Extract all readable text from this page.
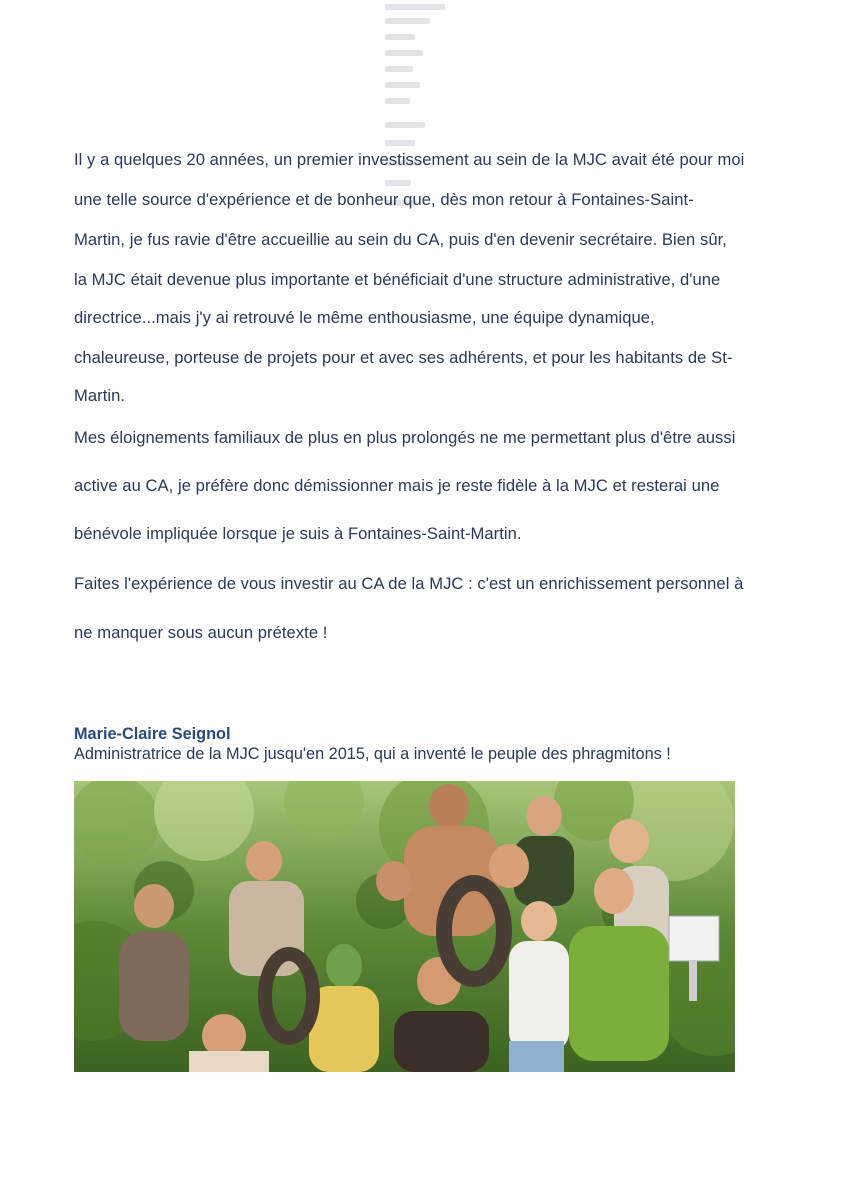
Il y a quelques 20 années, un premier investissement au sein de la MJC avait été pour moi
une telle source d'expérience et de bonheur que, dès mon retour à Fontaines-Saint-
Martin, je fus ravie d'être accueillie au sein du CA, puis d'en devenir secrétaire. Bien sûr,
la MJC était devenue plus importante et bénéficiait d'une structure administrative, d'une
directrice...mais j'y ai retrouvé le même enthousiasme, une équipe dynamique,
chaleureuse, porteuse de projets pour et avec ses adhérents, et pour les habitants de St-
Martin.
Mes éloignements familiaux de plus en plus prolongés ne me permettant plus d'être aussi
active au CA, je préfère donc démissionner mais je reste fidèle à la MJC et resterai une
bénévole impliquée lorsque je suis à Fontaines-Saint-Martin.
Faites l'expérience de vous investir au CA de la MJC : c'est un enrichissement personnel à
ne manquer sous aucun prétexte !
Marie-Claire Seignol
Administratrice de la MJC jusqu'en 2015, qui a inventé le peuple des phragmitons !
